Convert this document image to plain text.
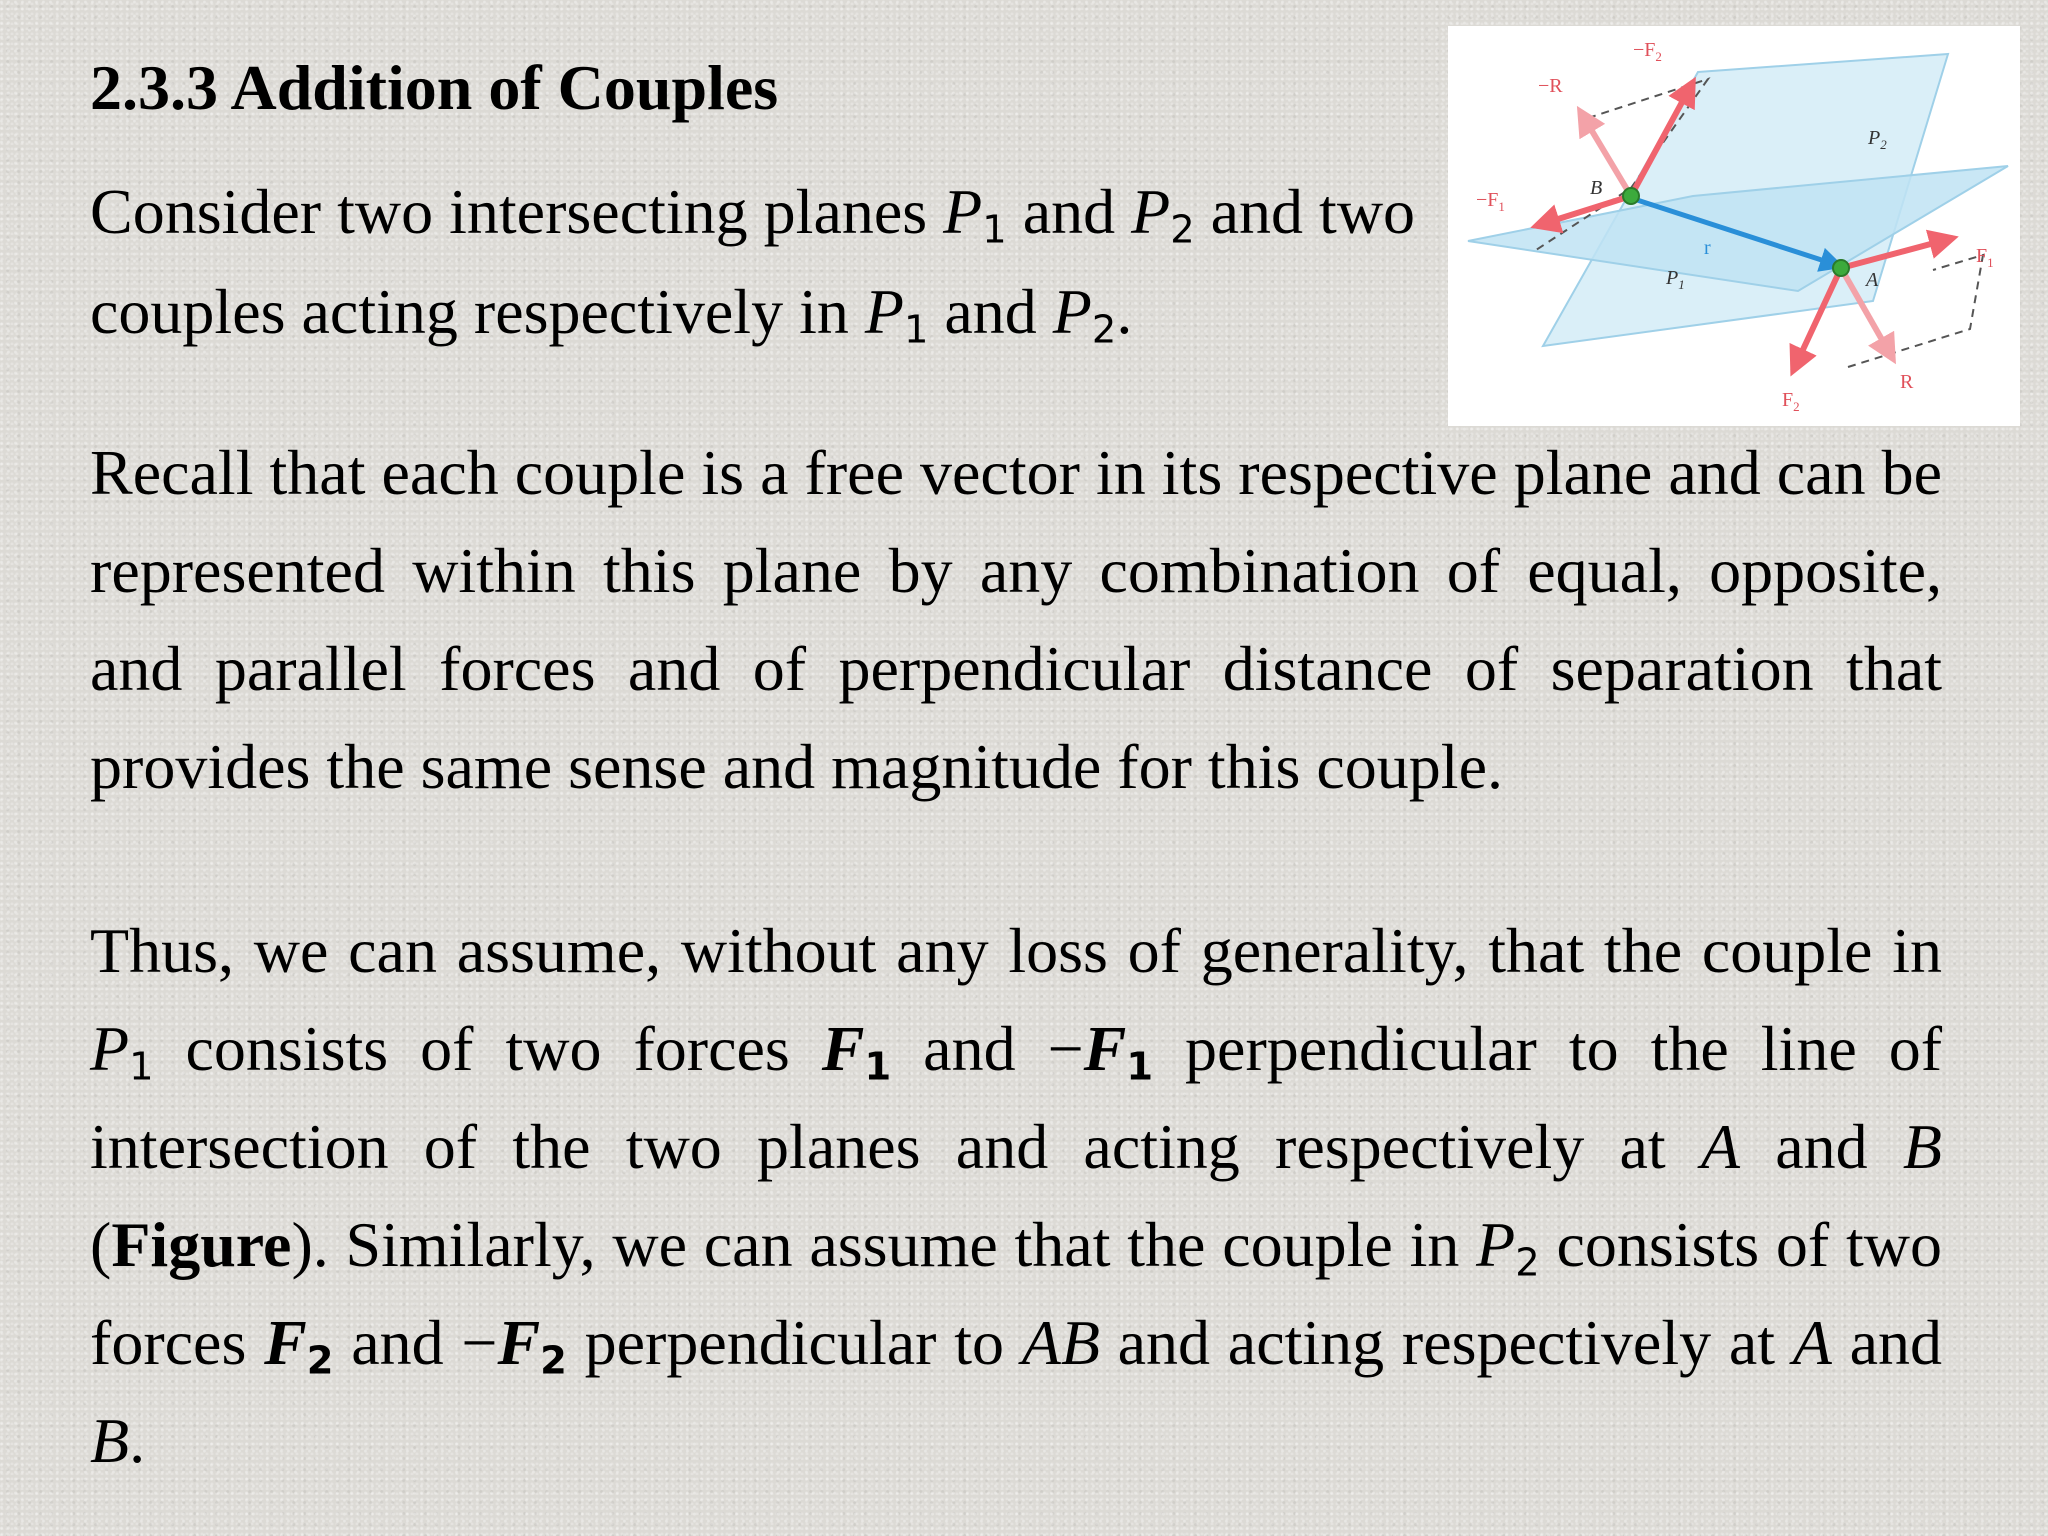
2.3.3 Addition of Couples
Consider two intersecting planes $P_1$ and $P_2$ and two couples acting respectively in $P_1$ and $P_2$.
Recall that each couple is a free vector in its respective plane and can be represented within this plane by any combination of equal, opposite, and parallel forces and of perpendicular distance of separation that provides the same sense and magnitude for this couple.
Thus, we can assume, without any loss of generality, that the couple in $P_1$ consists of two forces $F_1$ and $-F_1$ perpendicular to the line of intersection of the two planes and acting respectively at A and B (Figure). Similarly, we can assume that the couple in $P_2$ consists of two forces $F_2$ and $-F_2$ perpendicular to AB and acting respectively at A and B.
$-F_2$
−R
$-F_1$
B
$P_1$
r
$P_2$
A
$F_1$
R
$F_2$
